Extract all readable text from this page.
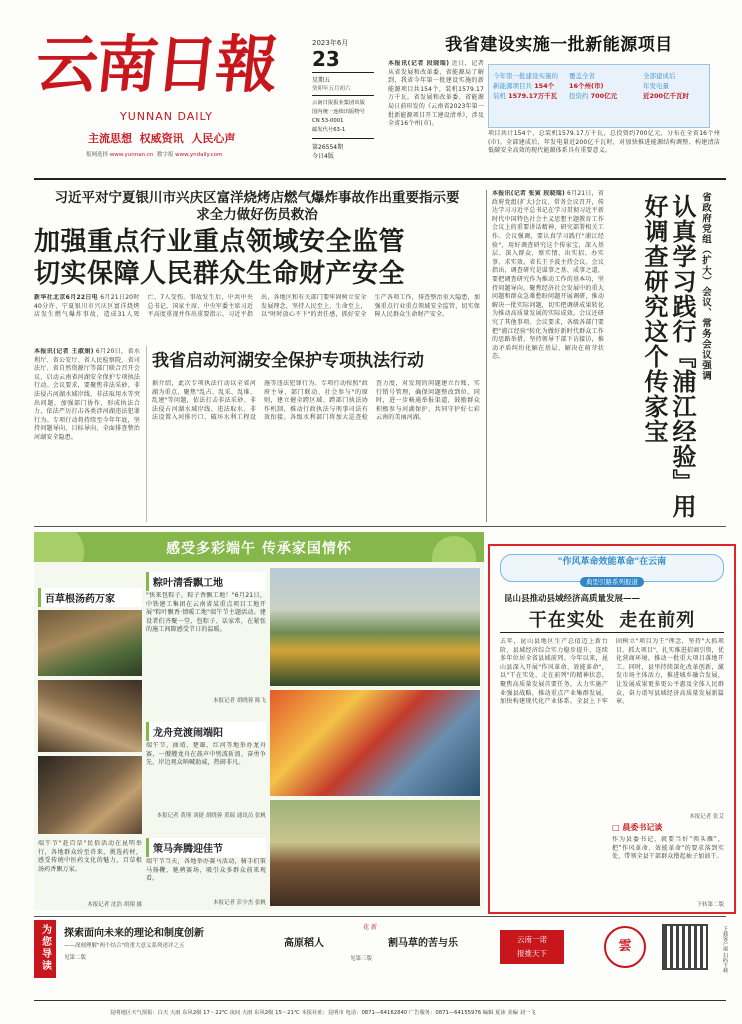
云南日報
YUNNAN DAILY
主流思想 权威资讯 人民心声
报网选择 www.yunnan.cn 数字报 www.yndaily.com
2023年6月
23
星期五
癸卯年五月初六
云南日报报业集团出版
国内统一连续出版物号
CN 53-0001
邮发代号63-1
第26554期
今日4版
我省建设实施一批新能源项目
本报讯(记者 段晓瑞) 近日，记者从省发展和改革委、省能源局了解到，我省今年第一批建设实施的新能源项目共154个，装机1579.17万千瓦。省发展和改革委、省能源局日前印发的《云南省2023年第一批新能源项目开工建设清单》，涉及全省16个州(市)。
今年第一批建设实施的
新能源项目共 154个
装机 1579.17万千瓦
覆盖全省
16个州(市)
投资约 700亿元
全部建成后
年发电量
近200亿千瓦时
项目共计154个，总装机1579.17万千瓦，总投资约700亿元，分布在全省16个州(市)。全部建成后，年发电量近200亿千瓦时，对加快推进能源结构调整、构建清洁低碳安全高效的现代能源体系具有重要意义。
习近平对宁夏银川市兴庆区富洋烧烤店燃气爆炸事故作出重要指示要求全力做好伤员救治
加强重点行业重点领域安全监管
切实保障人民群众生命财产安全
新华社北京6月22日电 6月21日20时40分许，宁夏银川市兴庆区富洋烧烤店发生燃气爆炸事故，造成31人死亡、7人受伤。事故发生后，中共中央总书记、国家主席、中央军委主席习近平高度重视并作出重要指示。习近平指出，各地区和有关部门要牢固树立安全发展理念，坚持人民至上、生命至上，以"时时放心不下"的责任感，抓好安全生产各项工作，排查整治重大隐患，加强重点行业重点领域安全监管，切实保障人民群众生命财产安全。
本报讯(记者 王淑娟) 6月20日，省水利厅、省公安厅、省人民检察院、省司法厅、省自然资源厅等部门联合召开会议，启动云南省河湖安全保护专项执法行动。会议要求，要聚焦非法采砂、非法侵占河湖水域岸线、非法取用水等突出问题，加强部门协作，形成执法合力，依法严厉打击各类涉河湖违法犯罪行为。专项行动将持续至今年年底，坚持问题导向、目标导向，全面排查整治河湖安全隐患。
我省启动河湖安全保护专项执法行动
据介绍，此次专项执法行动以全省河湖为重点，聚焦"乱占、乱采、乱堆、乱建"等问题，依法打击非法采砂、非法侵占河湖水域岸线、违法取水、非法设置入河排污口、破坏水利工程设施等违法犯罪行为。专项行动按照"政府主导、部门联动、社会参与"的原则，建立健全跨区域、跨部门执法协作机制，推动行政执法与刑事司法有效衔接。各级水利部门将加大巡查检查力度，对发现的问题建立台账，实行销号管理，确保问题整改到位。同时，进一步畅通举报渠道，鼓励群众积极参与河湖保护，共同守护好七彩云南的美丽河湖。
本报讯(记者 张寅 段晓瑞) 6月21日，省政府党组(扩大)会议、常务会议召开，传达学习习近平总书记在学习贯彻习近平新时代中国特色社会主义思想主题教育工作会议上的重要讲话精神，研究部署相关工作。会议强调，要认真学习践行"浦江经验"，用好调查研究这个传家宝，深入基层、深入群众，察实情、出实招、办实事、求实效。省长王予波主持会议。会议指出，调查研究是谋事之基、成事之道，要把调查研究作为推动工作的基本功，坚持问题导向，聚焦经济社会发展中的重大问题和群众急难愁盼问题开展调研，推动解决一批实际问题，切实把调研成果转化为推动高质量发展的实际成效。会议还研究了其他事项。会议要求，各级各部门要把"浦江经验"转化为做好新时代群众工作的思路举措，坚持领导干部下访接访，推动矛盾纠纷化解在基层、解决在萌芽状态。	省政府党组（扩大）会议、常务会议强调
认真学习践行『浦江经验』用好调查研究这个传家宝
感受多彩端午 传承家国情怀
百草根汤药万家
端午节"赶百草"民俗活动在昆明举行，各地群众纷至沓来，挑选药材，感受传统中医药文化的魅力，百草根汤药香飘万家。
本报记者 沈浩 胡翔 摄
粽叶清香飘工地
"快来包粽子，粽子香飘工地！"6月21日，中铁建工集团在云南省某重点项目工地开展"粽叶飘香·情暖工地"端午节主题活动。建设者们齐聚一堂，包粽子、话家常，在紧张的施工间隙感受节日的温暖。
本报记者 胡晓蓉 陈飞
龙舟竞渡闹端阳
端午节，曲靖、楚雄、红河等地举办龙舟赛，一艘艘龙舟在鼓声中劈波斩浪、奋勇争先，岸边观众呐喊助威，热闹非凡。
本报记者 黄瑾 刘捷 胡晓蓉 黄瑞 通讯员 张帆
策马奔腾迎佳节
端午节当天，各地举办赛马活动，骑手们策马扬鞭，驰骋赛场，吸引众多群众前来观看。
本报记者 彭少杰 张帆
"作风革命效能革命"在云南
典型引路系列报道
昆山县推动县域经济高质量发展——
干在实处  走在前列
去年，昆山县地区生产总值迈上新台阶，县域经济综合实力稳步提升，连续多年位居全省县域前列。今年以来，昆山县深入开展"作风革命、效能革命"，以"干在实处、走在前列"的精神状态，聚焦高质量发展首要任务，大力实施产业强县战略，推动重点产业集群发展，加快构建现代化产业体系。全县上下牢固树立"项目为王"理念，坚持"大抓项目、抓大项目"，扎实推进招商引资，优化营商环境，推动一批重大项目落地开工。同时，县里持续深化改革创新，激发市场主体活力，推进城乡融合发展，让发展成果更多更公平惠及全体人民群众，奋力谱写县域经济高质量发展新篇章。
本报记者 张艾
□ 晨委书记谈
作为县委书记，就要当好"领头雁"，把"作风革命、效能革命"的要求落到实处，带领全县干部群众撸起袖子加油干。
下转第二版
为您导读 探索面向未来的理论和制度创新
——深刻理解"两个结合"的重大意义系列述评之五
见第二版
花 新
高原稻人	割马草的苦与乐
见第三版
云南一诺
报推天下	雲	下载客户端 扫码下载
昆明地区天气预报：白天 大雨 东风2级 17～22℃ 夜间 大雨 东风2级 15～21℃ 本报社址：昆明市 电话：0871—64162840 广告服务：0871—64155976 编辑 夏沛 美编 刘一飞
